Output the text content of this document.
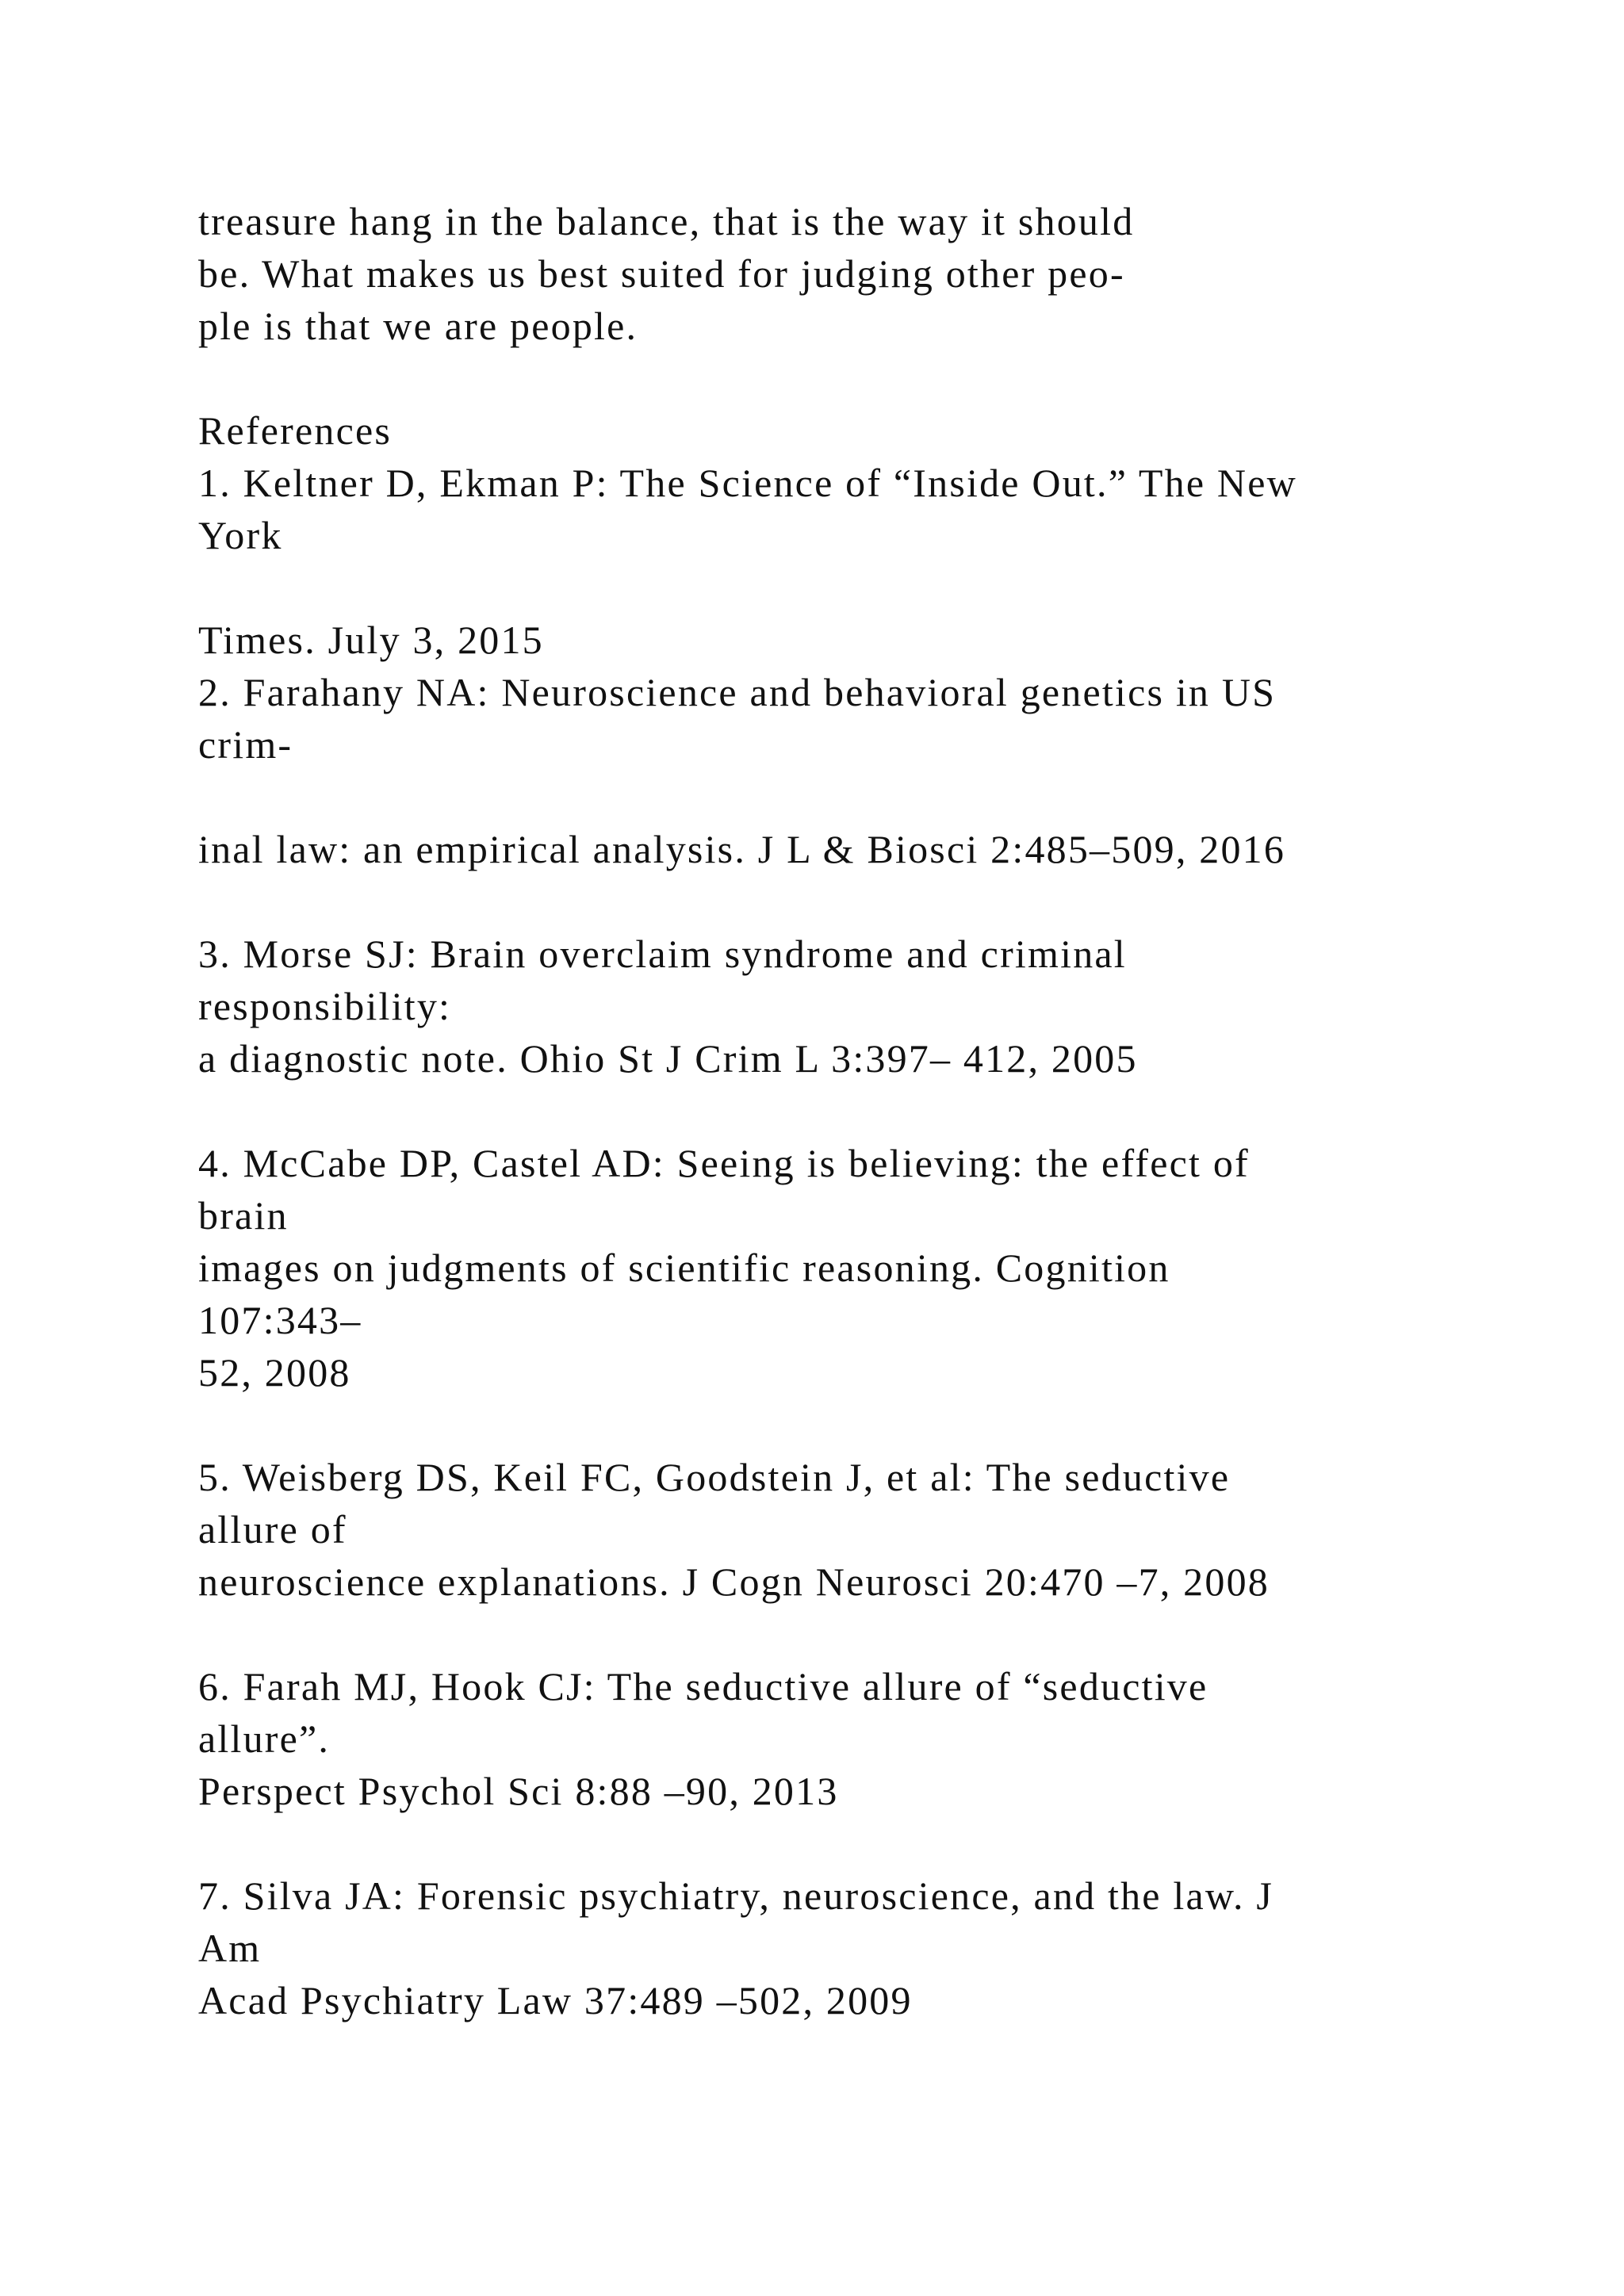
treasure hang in the balance, that is the way it should
be. What makes us best suited for judging other peo-
ple is that we are people.
References
1. Keltner D, Ekman P: The Science of “Inside Out.” The New
York
Times. July 3, 2015
2. Farahany NA: Neuroscience and behavioral genetics in US
crim-
inal law: an empirical analysis. J L & Biosci 2:485–509, 2016
3. Morse SJ: Brain overclaim syndrome and criminal
responsibility:
a diagnostic note. Ohio St J Crim L 3:397– 412, 2005
4. McCabe DP, Castel AD: Seeing is believing: the effect of
brain
images on judgments of scientific reasoning. Cognition
107:343–
52, 2008
5. Weisberg DS, Keil FC, Goodstein J, et al: The seductive
allure of
neuroscience explanations. J Cogn Neurosci 20:470 –7, 2008
6. Farah MJ, Hook CJ: The seductive allure of “seductive
allure”.
Perspect Psychol Sci 8:88 –90, 2013
7. Silva JA: Forensic psychiatry, neuroscience, and the law. J
Am
Acad Psychiatry Law 37:489 –502, 2009
